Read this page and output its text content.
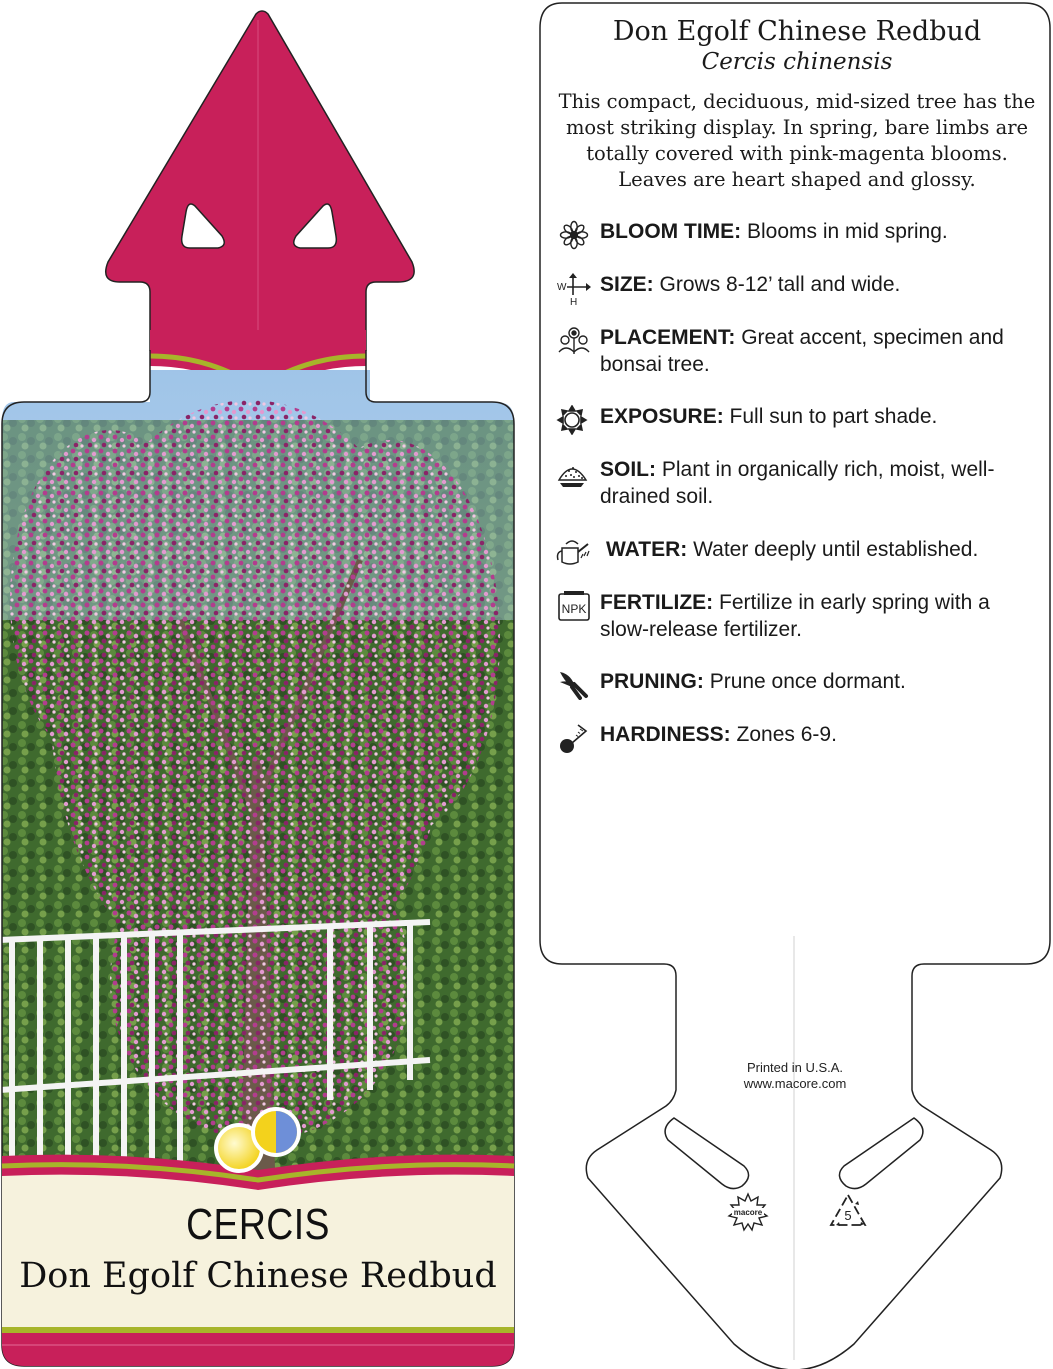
CERCIS
Don Egolf Chinese Redbud
Don Egolf Chinese Redbud
Cercis chinensis
This compact, deciduous, mid-sized tree has the most striking display. In spring, bare limbs are totally covered with pink-magenta blooms. Leaves are heart shaped and glossy.
BLOOM TIME: Blooms in mid spring.
W
H
SIZE: Grows 8-12’ tall and wide.
PLACEMENT: Great accent, specimen and bonsai tree.
EXPOSURE: Full sun to part shade.
SOIL: Plant in organically rich, moist, well-drained soil.
WATER: Water deeply until established.
NPK FERTILIZE: Fertilize in early spring with a slow-release fertilizer.
PRUNING: Prune once dormant.
HARDINESS: Zones 6-9.
Printed in U.S.A.
www.macore.com
macore	5
